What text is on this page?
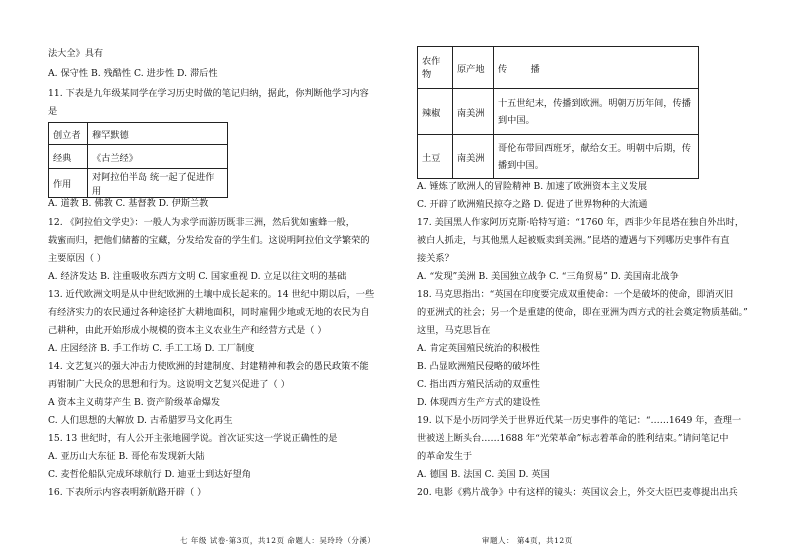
法大全》具有
A. 保守性 B. 残酷性 C. 进步性 D. 滞后性
11. 下表是九年级某同学在学习历史时做的笔记归纳，据此，你判断他学习内容
是
创立者	穆罕默德
经典	《古兰经》
作用	对阿拉伯半岛 统一起了促进作用
A. 道教 B. 佛教 C. 基督教 D. 伊斯兰教
12. 《阿拉伯文学史》：一般人为求学而游历既非三洲，然后犹如蜜蜂一般，
载蜜而归，把他们储蓄的宝藏，分发给发奋的学生们。这说明阿拉伯文学繁荣的
主要原因（ ）
A. 经济发达 B. 注重吸收东西方文明 C. 国家重视 D. 立足以往文明的基础
13. 近代欧洲文明是从中世纪欧洲的土壤中成长起来的。14 世纪中期以后，一些
有经济实力的农民通过各种途径扩大耕地面积，同时雇佣少地或无地的农民为自
己耕种，由此开始形成小规模的资本主义农业生产和经营方式是（ ）
A. 庄园经济 B. 手工作坊 C. 手工工场 D. 工厂制度
14. 文艺复兴的强大冲击力使欧洲的封建制度、封建精神和教会的愚民政策不能
再钳制广大民众的思想和行为。这说明文艺复兴促进了（ ）
A 资本主义萌芽产生 B. 资产阶级革命爆发
C. 人们思想的大解放 D. 古希腊罗马文化再生
15. 13 世纪时，有人公开主张地圆学说。首次证实这一学说正确性的是
A. 亚历山大东征 B. 哥伦布发现新大陆
C. 麦哲伦船队完成环球航行 D. 迪亚士到达好望角
16. 下表所示内容表明新航路开辟（ ）
农作物	原产地	传        播
辣椒	南美洲	十五世纪末，传播到欧洲。明朝万历年间，传播到中国。
土豆	南美洲	哥伦布带回西班牙，献给女王。明朝中后期，传播到中国。
A. 锤炼了欧洲人的冒险精神 B. 加速了欧洲资本主义发展
C. 开辟了欧洲殖民掠夺之路 D. 促进了世界物种的大流通
17. 美国黑人作家阿历克斯·哈特写道：“1760 年，西非少年昆塔在独自外出时，
被白人抓走，与其他黑人起被贩卖到美洲。”昆塔的遭遇与下列哪历史事件有直
接关系？
A. “发现”美洲 B. 美国独立战争 C. “三角贸易” D. 美国南北战争
18. 马克思指出：“英国在印度要完成双重使命：一个是破坏的使命，即消灭旧
的亚洲式的社会；另一个是重建的使命，即在亚洲为西方式的社会奠定物质基础。”
这里，马克思旨在
A. 肯定英国殖民统治的积极性
B. 凸显欧洲殖民侵略的破坏性
C. 指出西方殖民活动的双重性
D. 体现西方生产方式的建设性
19. 以下是小历同学关于世界近代某一历史事件的笔记：“……1649 年，查理一
世被送上断头台……1688 年“光荣革命”标志着革命的胜利结束。”请问笔记中
的革命发生于
A. 德国 B. 法国 C. 美国 D. 英国
20. 电影《鸦片战争》中有这样的镜头：英国议会上，外交大臣巴麦尊提出出兵
七 年级 试卷·第3页，共12页 命题人：吴玲玲（分溪）	审题人： 第4页，共12页
